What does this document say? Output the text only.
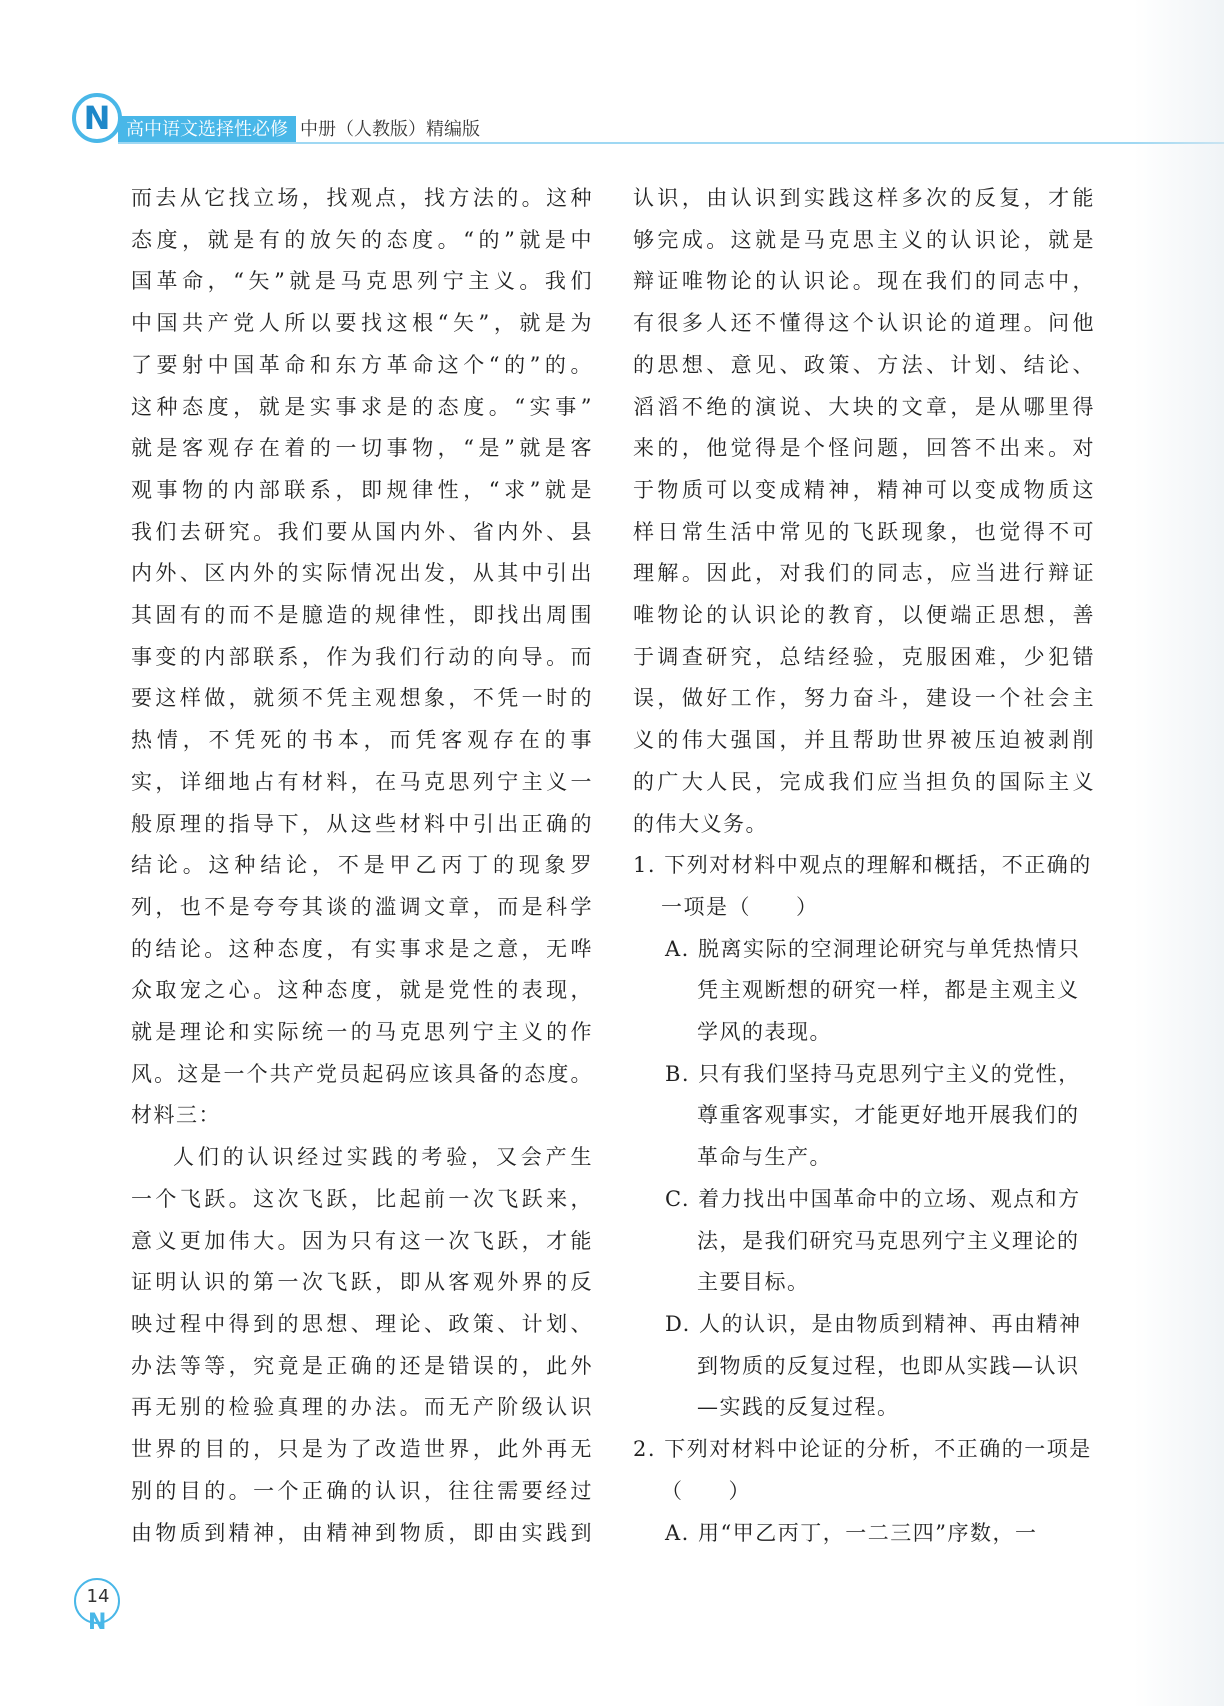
N 高中语文选择性必修 中册（人教版）精编版

而去从它找立场，找观点，找方法的。这种

态度，就是有的放矢的态度。“的”就是中

国革命，“矢”就是马克思列宁主义。我们

中国共产党人所以要找这根“矢”，就是为

了要射中国革命和东方革命这个“的”的。

这种态度，就是实事求是的态度。“实事”

就是客观存在着的一切事物，“是”就是客

观事物的内部联系，即规律性，“求”就是

我们去研究。我们要从国内外、省内外、县

内外、区内外的实际情况出发，从其中引出

其固有的而不是臆造的规律性，即找出周围

事变的内部联系，作为我们行动的向导。而

要这样做，就须不凭主观想象，不凭一时的

热情，不凭死的书本，而凭客观存在的事

实，详细地占有材料，在马克思列宁主义一

般原理的指导下，从这些材料中引出正确的

结论。这种结论，不是甲乙丙丁的现象罗

列，也不是夸夸其谈的滥调文章，而是科学

的结论。这种态度，有实事求是之意，无哗

众取宠之心。这种态度，就是党性的表现，

就是理论和实际统一的马克思列宁主义的作

风。这是一个共产党员起码应该具备的态度。

材料三：

人们的认识经过实践的考验，又会产生

一个飞跃。这次飞跃，比起前一次飞跃来，

意义更加伟大。因为只有这一次飞跃，才能

证明认识的第一次飞跃，即从客观外界的反

映过程中得到的思想、理论、政策、计划、

办法等等，究竟是正确的还是错误的，此外

再无别的检验真理的办法。而无产阶级认识

世界的目的，只是为了改造世界，此外再无

别的目的。一个正确的认识，往往需要经过

由物质到精神，由精神到物质，即由实践到

认识，由认识到实践这样多次的反复，才能

够完成。这就是马克思主义的认识论，就是

辩证唯物论的认识论。现在我们的同志中，

有很多人还不懂得这个认识论的道理。问他

的思想、意见、政策、方法、计划、结论、

滔滔不绝的演说、大块的文章，是从哪里得

来的，他觉得是个怪问题，回答不出来。对

于物质可以变成精神，精神可以变成物质这

样日常生活中常见的飞跃现象，也觉得不可

理解。因此，对我们的同志，应当进行辩证

唯物论的认识论的教育，以便端正思想，善

于调查研究，总结经验，克服困难，少犯错

误，做好工作，努力奋斗，建设一个社会主

义的伟大强国，并且帮助世界被压迫被剥削

的广大人民，完成我们应当担负的国际主义

的伟大义务。

1. 下列对材料中观点的理解和概括，不正确的一项是（　　）

A. 脱离实际的空洞理论研究与单凭热情只凭主观断想的研究一样，都是主观主义学风的表现。

B. 只有我们坚持马克思列宁主义的党性，尊重客观事实，才能更好地开展我们的革命与生产。

C. 着力找出中国革命中的立场、观点和方法，是我们研究马克思列宁主义理论的主要目标。

D. 人的认识，是由物质到精神、再由精神到物质的反复过程，也即从实践—认识—实践的反复过程。

2. 下列对材料中论证的分析，不正确的一项是（　　）

A. 用“甲乙丙丁，一二三四”序数，一

14
N
